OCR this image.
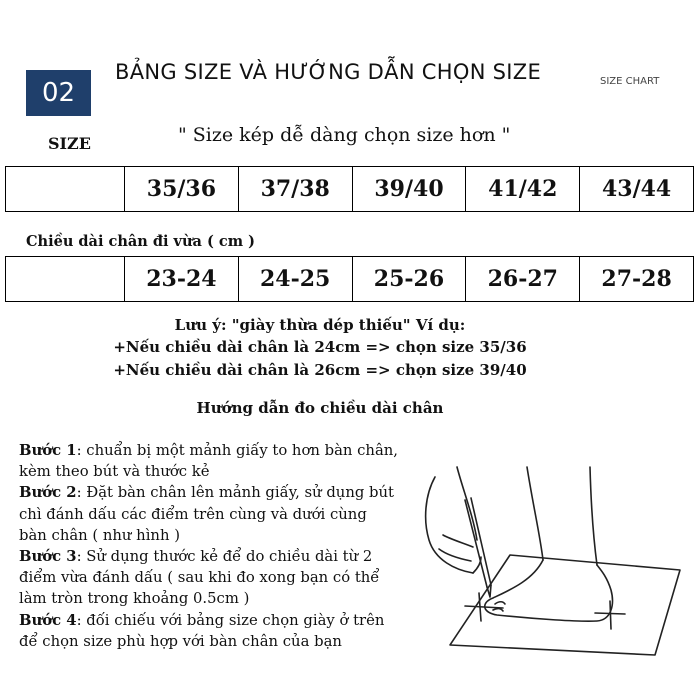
02
BẢNG SIZE VÀ HƯỚNG DẪN CHỌN SIZE	SIZE CHART
SIZE	" Size kép dễ dàng chọn size hơn "
	35/36	37/38	39/40	41/42	43/44
Chiều dài chân đi vừa ( cm )
	23-24	24-25	25-26	26-27	27-28
Lưu ý: "giày thừa dép thiếu" Ví dụ:
+Nếu chiều dài chân là 24cm => chọn size 35/36
+Nếu chiều dài chân là 26cm => chọn size 39/40
Hướng dẫn đo chiều dài chân

Bước 1: chuẩn bị một mảnh giấy to hơn bàn chân, kèm theo bút và thước kẻ

Bước 2: Đặt bàn chân lên mảnh giấy, sử dụng bút chì đánh dấu các điểm trên cùng và dưới cùng bàn chân ( như hình )

Bước 3: Sử dụng thước kẻ để do chiều dài từ 2 điểm vừa đánh dấu ( sau khi đo xong bạn có thể làm tròn trong khoảng 0.5cm )

Bước 4: đối chiếu với bảng size chọn giày ở trên để chọn size phù hợp với bàn chân của bạn
